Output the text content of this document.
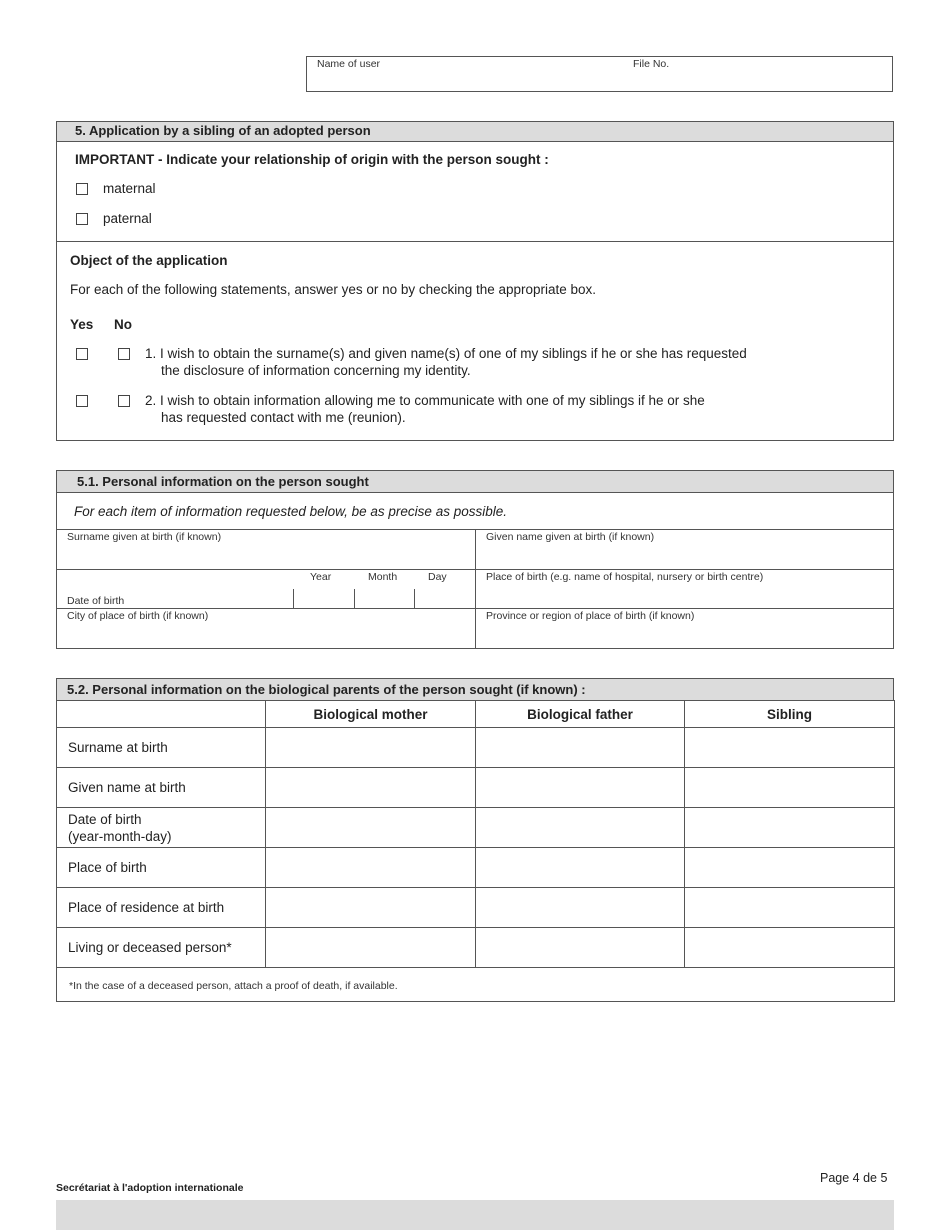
Name of user	File No.
5. Application by a sibling of an adopted person
IMPORTANT - Indicate your relationship of origin with the person sought :
maternal
paternal
Object of the application
For each of the following statements, answer yes or no by checking the appropriate box.
Yes No
1. I wish to obtain the surname(s) and given name(s) of one of my siblings if he or she has requested
the disclosure of information concerning my identity.
2. I wish to obtain information allowing me to communicate with one of my siblings if he or she
has requested contact with me (reunion).
5.1. Personal information on the person sought
For each item of information requested below, be as precise as possible.
Surname given at birth (if known)	Given name given at birth (if known)
Year	Month	Day
Date of birth
Place of birth (e.g. name of hospital, nursery or birth centre)
City of place of birth (if known)	Province or region of place of birth (if known)
5.2. Personal information on the biological parents of the person sought (if known) :
	Biological mother	Biological father	Sibling
Surname at birth			
Given name at birth			
Date of birth
(year-month-day)			
Place of birth			
Place of residence at birth			
Living or deceased person*			
*In the case of a deceased person, attach a proof of death, if available.			
Page 4 de 5
Secrétariat à l'adoption internationale
